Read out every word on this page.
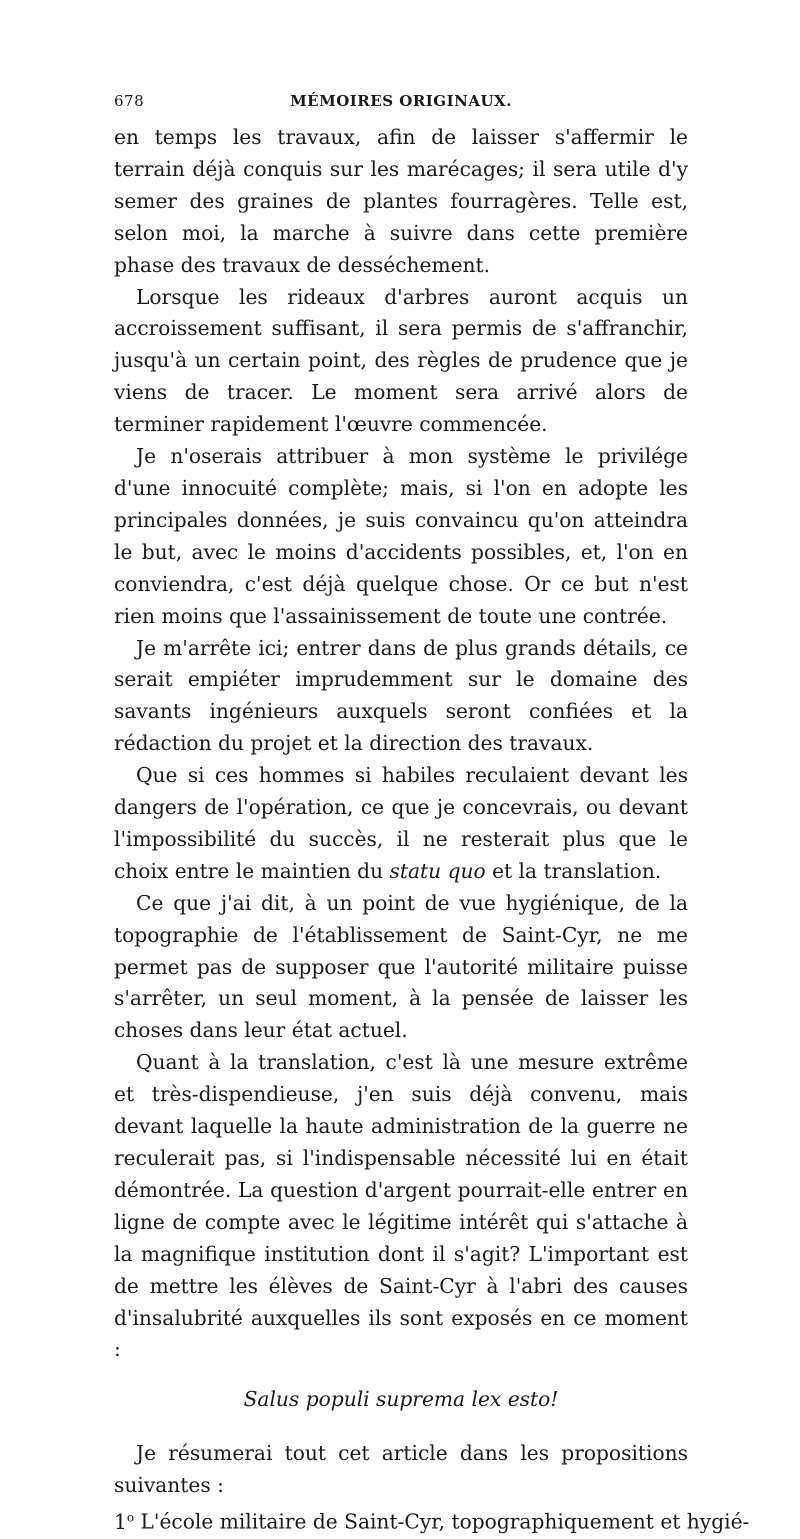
678	MÉMOIRES ORIGINAUX.

en temps les travaux, afin de laisser s'affermir le terrain déjà conquis sur les marécages; il sera utile d'y semer des graines de plantes fourragères. Telle est, selon moi, la marche à suivre dans cette première phase des travaux de desséchement.

Lorsque les rideaux d'arbres auront acquis un accroissement suffisant, il sera permis de s'affranchir, jusqu'à un certain point, des règles de prudence que je viens de tracer. Le moment sera arrivé alors de terminer rapidement l'œuvre commencée.

Je n'oserais attribuer à mon système le privilége d'une innocuité complète; mais, si l'on en adopte les principales données, je suis convaincu qu'on atteindra le but, avec le moins d'accidents possibles, et, l'on en conviendra, c'est déjà quelque chose. Or ce but n'est rien moins que l'assainissement de toute une contrée.

Je m'arrête ici; entrer dans de plus grands détails, ce serait empiéter imprudemment sur le domaine des savants ingénieurs auxquels seront confiées et la rédaction du projet et la direction des travaux.

Que si ces hommes si habiles reculaient devant les dangers de l'opération, ce que je concevrais, ou devant l'impossibilité du succès, il ne resterait plus que le choix entre le maintien du statu quo et la translation.

Ce que j'ai dit, à un point de vue hygiénique, de la topographie de l'établissement de Saint-Cyr, ne me permet pas de supposer que l'autorité militaire puisse s'arrêter, un seul moment, à la pensée de laisser les choses dans leur état actuel.

Quant à la translation, c'est là une mesure extrême et très-dispendieuse, j'en suis déjà convenu, mais devant laquelle la haute administration de la guerre ne reculerait pas, si l'indispensable nécessité lui en était démontrée. La question d'argent pourrait-elle entrer en ligne de compte avec le légitime intérêt qui s'attache à la magnifique institution dont il s'agit? L'important est de mettre les élèves de Saint-Cyr à l'abri des causes d'insalubrité auxquelles ils sont exposés en ce moment :

Salus populi suprema lex esto!

Je résumerai tout cet article dans les propositions suivantes :

1$^o$ L'école militaire de Saint-Cyr, topographiquement et hygié-
